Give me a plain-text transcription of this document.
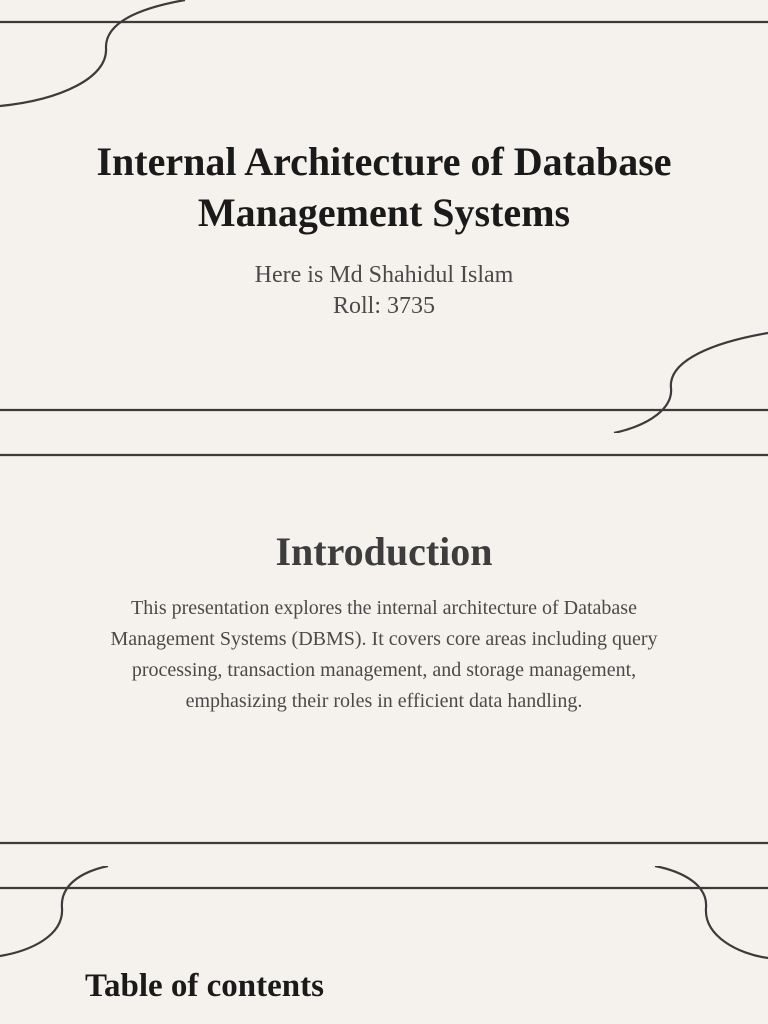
Internal Architecture of Database Management Systems
Here is Md Shahidul Islam
Roll: 3735
Introduction

This presentation explores the internal architecture of Database Management Systems (DBMS). It covers core areas including query processing, transaction management, and storage management, emphasizing their roles in efficient data handling.

Table of contents
